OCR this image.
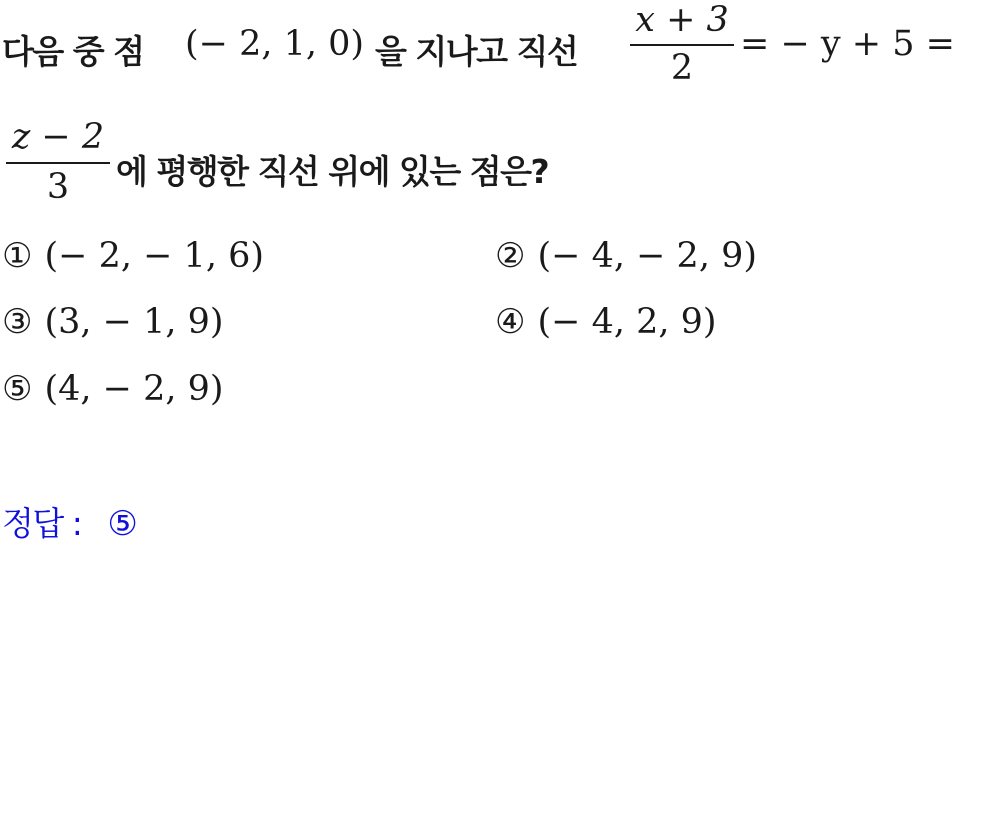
다음 중 점 (− 2, 1, 0) 을 지나고 직선
x + 3
2
= − y + 5 =
z − 2
3	에 평행한 직선 위에 있는 점은?
① (− 2, − 1, 6)	② (− 4, − 2, 9)
③ (3, − 1, 9)	④ (− 4, 2, 9)
⑤ (4, − 2, 9)
정답 : ⑤
